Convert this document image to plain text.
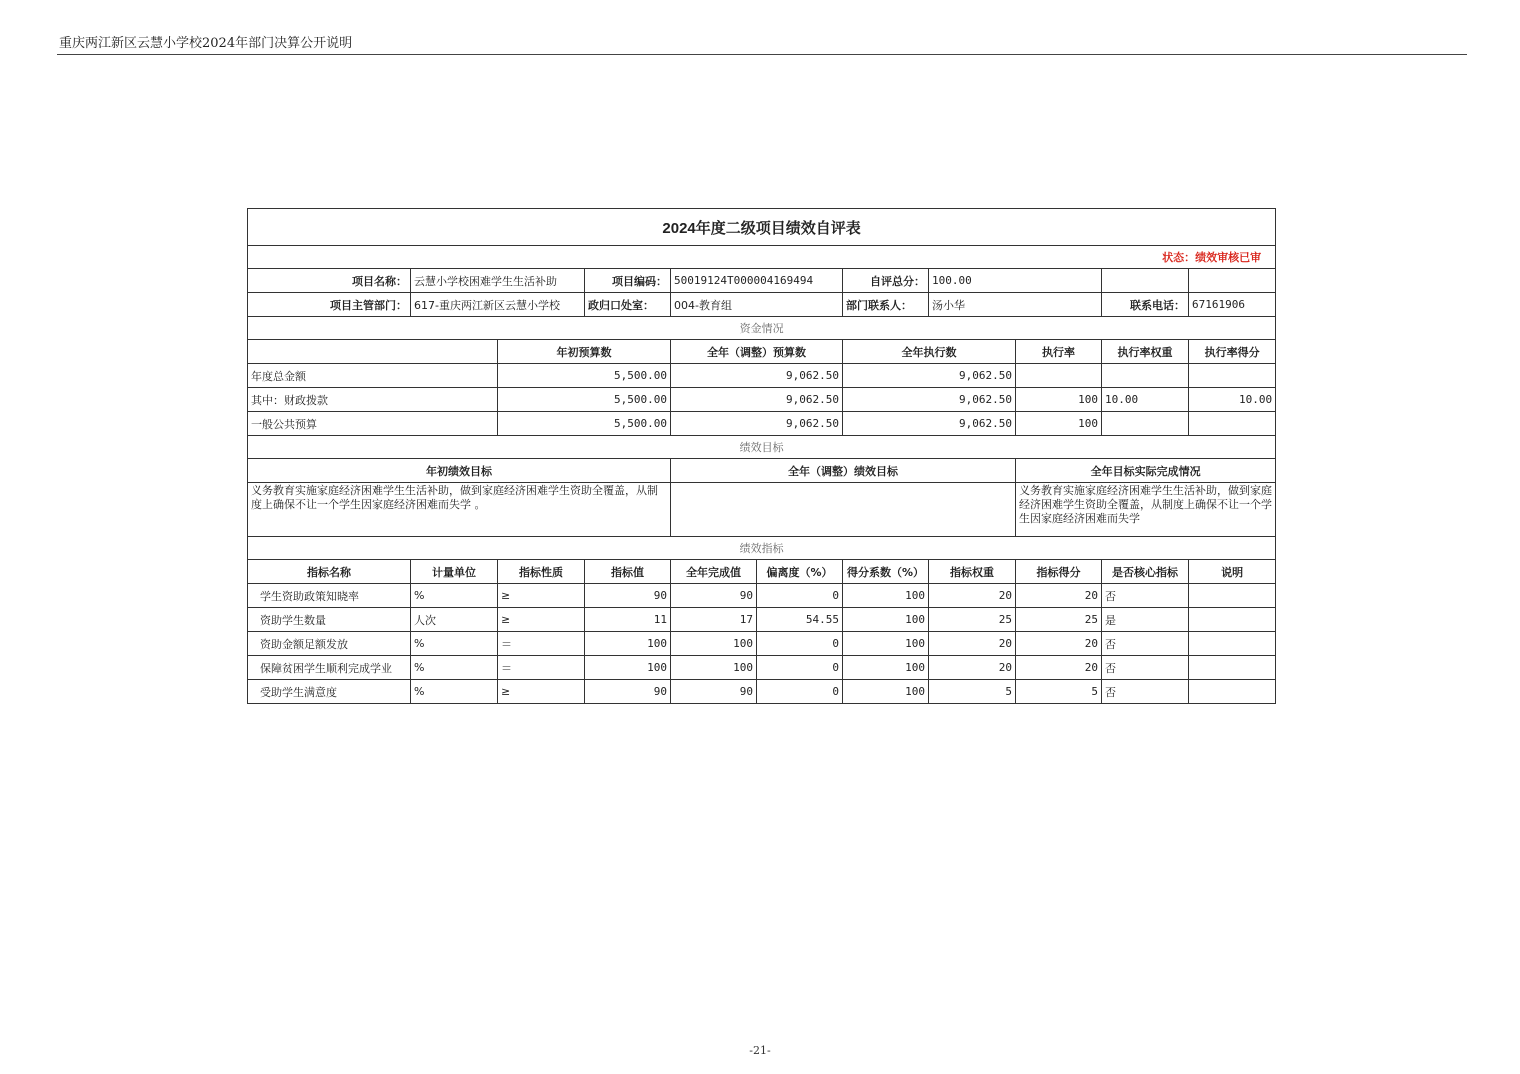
重庆两江新区云慧小学校2024年部门决算公开说明
2024年度二级项目绩效自评表										
状态：绩效审核已审										
项目名称：	云慧小学校困难学生生活补助		项目编码：	50019124T000004169494		自评总分：	100.00			
项目主管部门：	617-重庆两江新区云慧小学校		政归口处室：	004-教育组		部门联系人：	汤小华		联系电话：	67161906
资金情况										
		年初预算数		全年（调整）预算数		全年执行数		执行率	执行率权重	执行率得分
年度总金额		5,500.00		9,062.50		9,062.50				
其中：财政拨款		5,500.00		9,062.50		9,062.50		100	10.00	10.00
一般公共预算		5,500.00		9,062.50		9,062.50		100		
绩效目标										
年初绩效目标				全年（调整）绩效目标				全年目标实际完成情况		
义务教育实施家庭经济困难学生生活补助，做到家庭经济困难学生资助全覆盖，从制度上确保不让一个学生因家庭经济困难而失学 。								义务教育实施家庭经济困难学生生活补助，做到家庭经济困难学生资助全覆盖，从制度上确保不让一个学生因家庭经济困难而失学		
绩效指标										
指标名称	计量单位	指标性质	指标值	全年完成值	偏离度（%）	得分系数（%）	指标权重	指标得分	是否核心指标	说明
学生资助政策知晓率	%	≥	90	90	0	100	20	20	否	
资助学生数量	人次	≥	11	17	54.55	100	25	25	是	
资助金额足额发放	%	＝	100	100	0	100	20	20	否	
保障贫困学生顺利完成学业	%	＝	100	100	0	100	20	20	否	
受助学生满意度	%	≥	90	90	0	100	5	5	否	
-21-
